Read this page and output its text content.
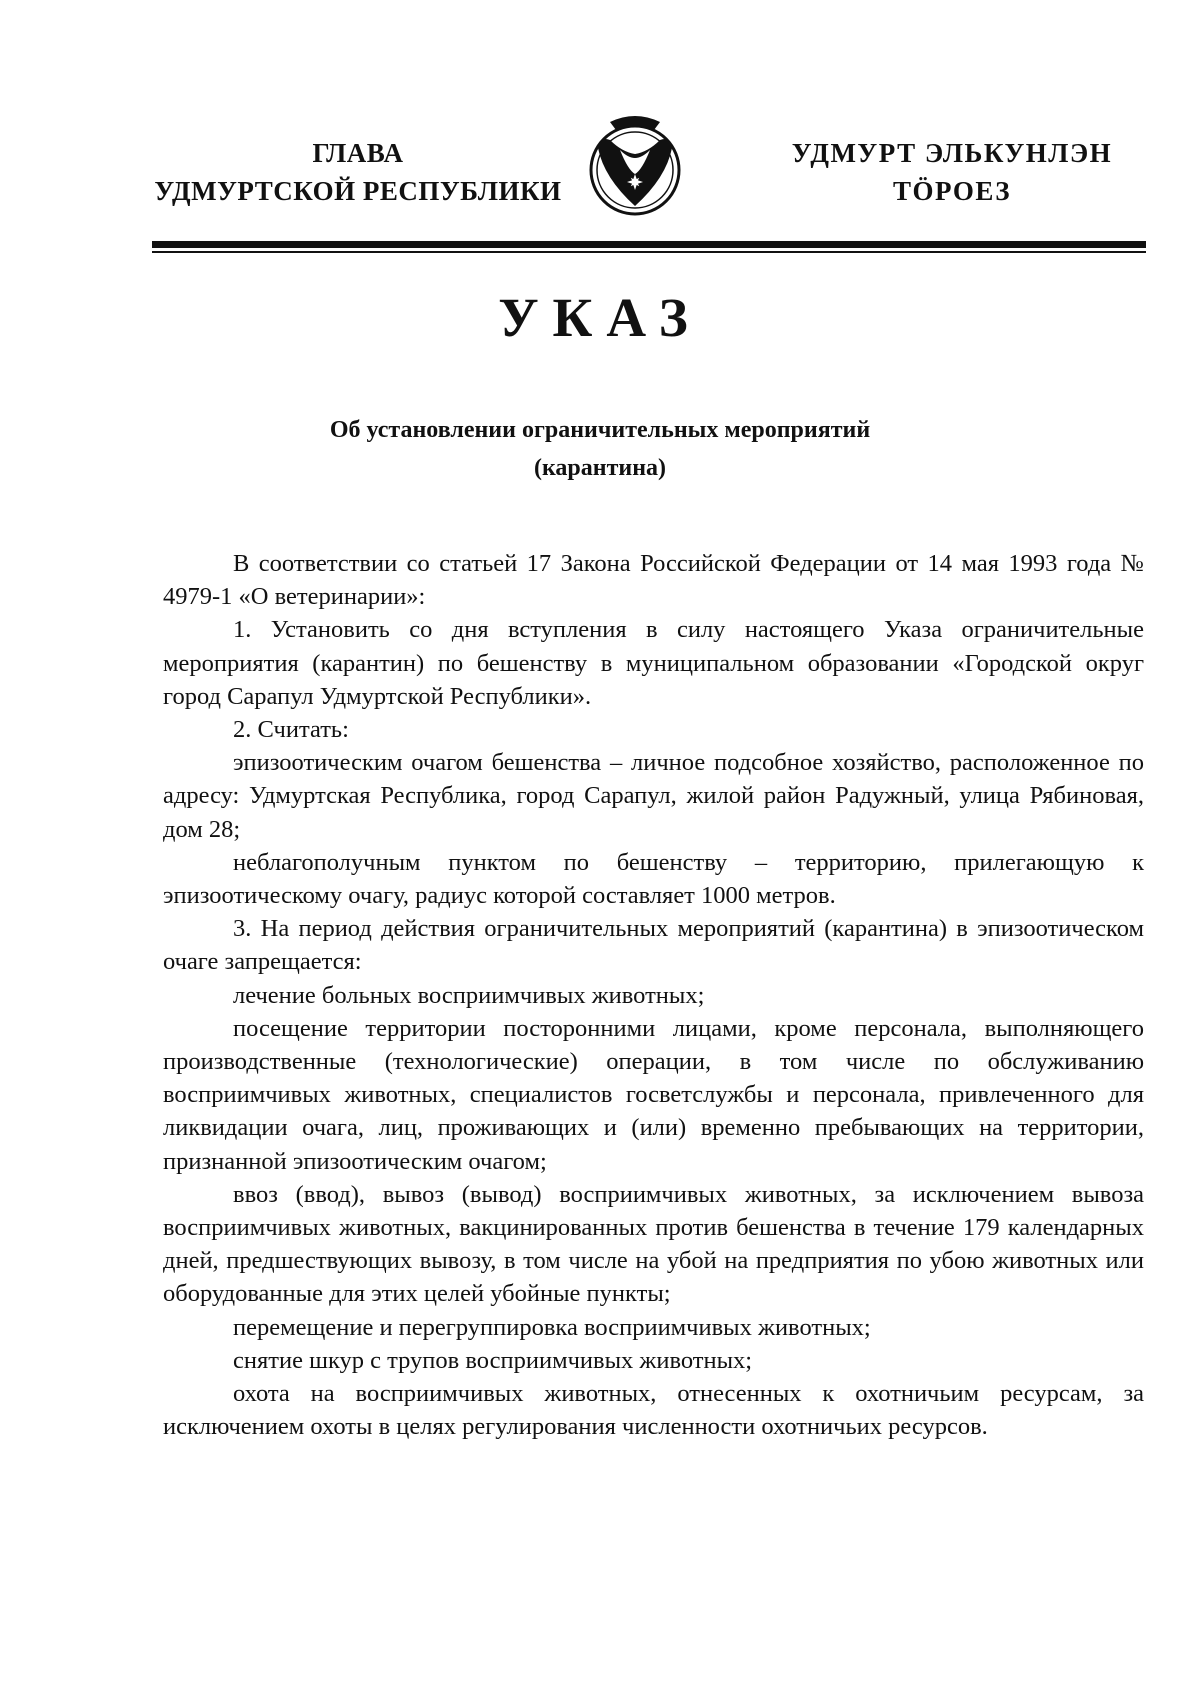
ГЛАВА
УДМУРТСКОЙ РЕСПУБЛИКИ
УДМУРТ ЭЛЬКУНЛЭН
ТӦРОЕЗ
УКАЗ
Об установлении ограничительных мероприятий
(карантина)

В соответствии со статьей 17 Закона Российской Федерации от 14 мая 1993 года № 4979-1 «О ветеринарии»:

1. Установить со дня вступления в силу настоящего Указа ограничительные мероприятия (карантин) по бешенству в муниципальном образовании «Городской округ город Сарапул Удмуртской Республики».

2. Считать:

эпизоотическим очагом бешенства – личное подсобное хозяйство, расположенное по адресу: Удмуртская Республика, город Сарапул, жилой район Радужный, улица Рябиновая, дом 28;

неблагополучным пунктом по бешенству – территорию, прилегающую к эпизоотическому очагу, радиус которой составляет 1000 метров.

3. На период действия ограничительных мероприятий (карантина) в эпизоотическом очаге запрещается:

лечение больных восприимчивых животных;

посещение территории посторонними лицами, кроме персонала, выполняющего производственные (технологические) операции, в том числе по обслуживанию восприимчивых животных, специалистов госветслужбы и персонала, привлеченного для ликвидации очага, лиц, проживающих и (или) временно пребывающих на территории, признанной эпизоотическим очагом;

ввоз (ввод), вывоз (вывод) восприимчивых животных, за исключением вывоза восприимчивых животных, вакцинированных против бешенства в течение 179 календарных дней, предшествующих вывозу, в том числе на убой на предприятия по убою животных или оборудованные для этих целей убойные пункты;

перемещение и перегруппировка восприимчивых животных;

снятие шкур с трупов восприимчивых животных;

охота на восприимчивых животных, отнесенных к охотничьим ресурсам, за исключением охоты в целях регулирования численности охотничьих ресурсов.
